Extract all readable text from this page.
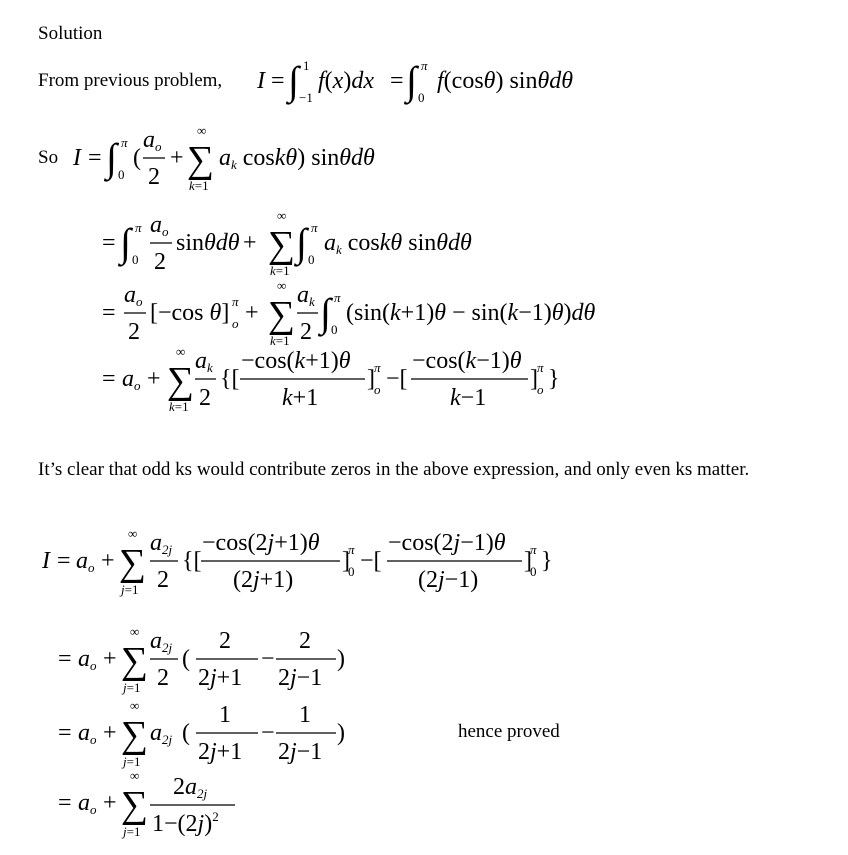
Solution
From previous problem,
So
It’s clear that odd ks would contribute zeros in the above expression, and only even ks matter.
hence proved
I = ∫ 1
−1
f(x)dx = ∫ π
0
f(cosθ) sinθdθ
I = ∫ π
0
(
ao
2
+
∞
∑
k=1
ak coskθ) sinθdθ
= ∫ π
0
ao
2
sinθdθ +
∞
∑
k=1
∫ π
0
ak coskθ sinθdθ
=
ao
2
[−cos θ] π
o +
∞
∑
k=1
ak
2 ∫ π
0
(sin(k+1)θ − sin(k−1)θ)dθ
= ao +
∞
∑
k=1
ak
2
{[
−cos(k+1)θ
k+1
] π
o −[
−cos(k−1)θ
k−1
] π
o }
I = ao +
∞
∑
j=1
a2j
2
{[
−cos(2j+1)θ
(2j+1)
]
π
0 −[
−cos(2j−1)θ
(2j−1)
]
π
0 }
= ao +
∞
∑
j=1
a2j
2
(
2
2j+1
−
2
2j−1
)
= ao +
∞
∑
j=1
a2j (
1
2j+1
−
1
2j−1
)
= ao +
∞
∑
j=1
2a2j
$1-(2j)^2$
